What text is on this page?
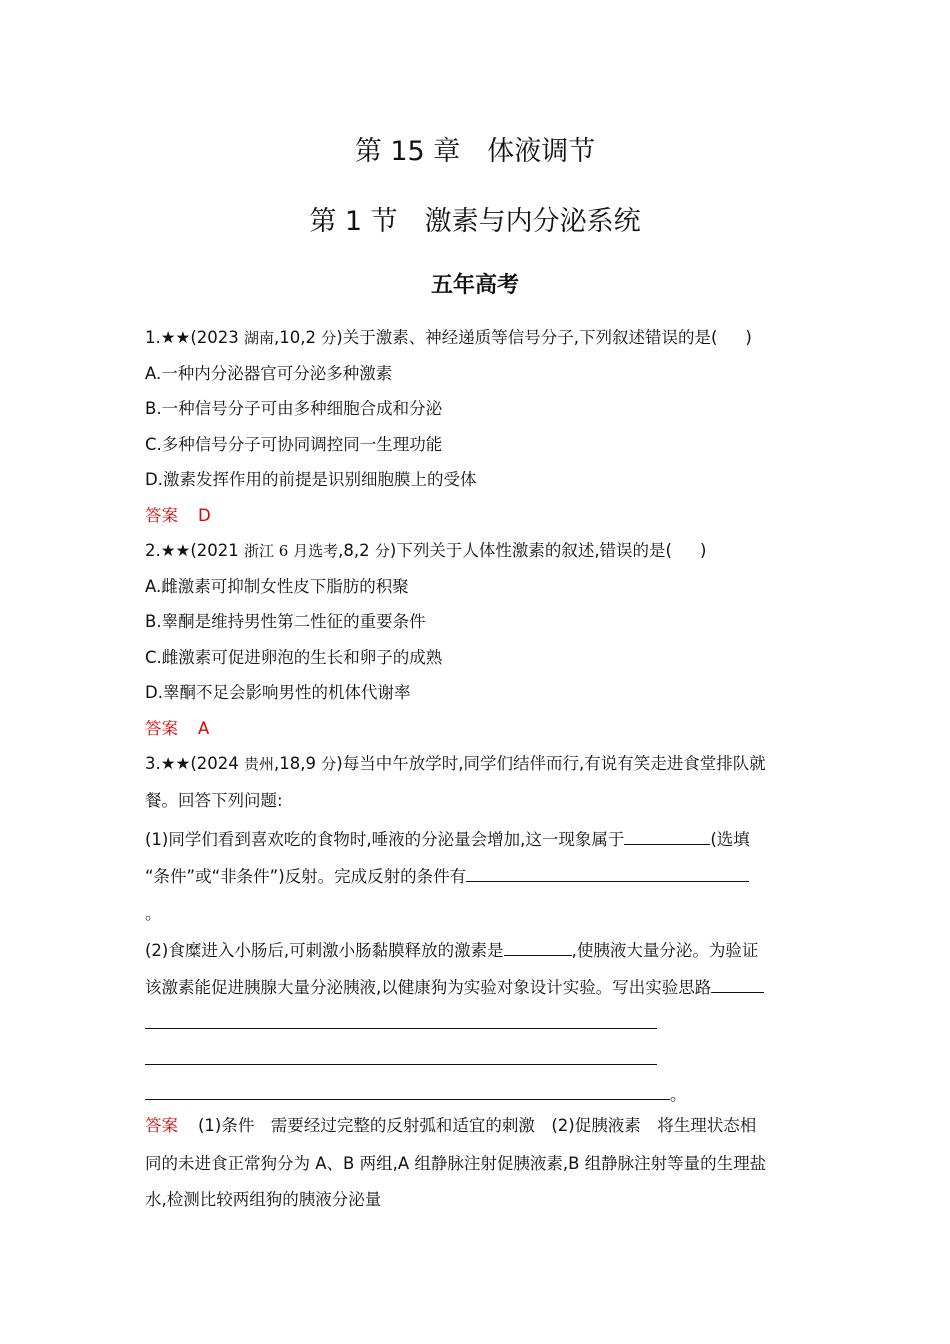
第 15 章　体液调节
第 1 节　激素与内分泌系统
五年高考
1.★★(2023 湖南,10,2 分)关于激素、神经递质等信号分子,下列叙述错误的是( )
A.一种内分泌器官可分泌多种激素
B.一种信号分子可由多种细胞合成和分泌
C.多种信号分子可协同调控同一生理功能
D.激素发挥作用的前提是识别细胞膜上的受体
答案 D
2.★★(2021 浙江 6 月选考,8,2 分)下列关于人体性激素的叙述,错误的是( )
A.雌激素可抑制女性皮下脂肪的积聚
B.睾酮是维持男性第二性征的重要条件
C.雌激素可促进卵泡的生长和卵子的成熟
D.睾酮不足会影响男性的机体代谢率
答案 A
3.★★(2024 贵州,18,9 分)每当中午放学时,同学们结伴而行,有说有笑走进食堂排队就
餐。回答下列问题:
(1)同学们看到喜欢吃的食物时,唾液的分泌量会增加,这一现象属于	(选填
“条件”或“非条件”)反射。完成反射的条件有
。
(2)食糜进入小肠后,可刺激小肠黏膜释放的激素是	,使胰液大量分泌。为验证
该激素能促进胰腺大量分泌胰液,以健康狗为实验对象设计实验。写出实验思路
。
答案 (1)条件　需要经过完整的反射弧和适宜的刺激　(2)促胰液素　将生理状态相
同的未进食正常狗分为 A、B 两组,A 组静脉注射促胰液素,B 组静脉注射等量的生理盐
水,检测比较两组狗的胰液分泌量
